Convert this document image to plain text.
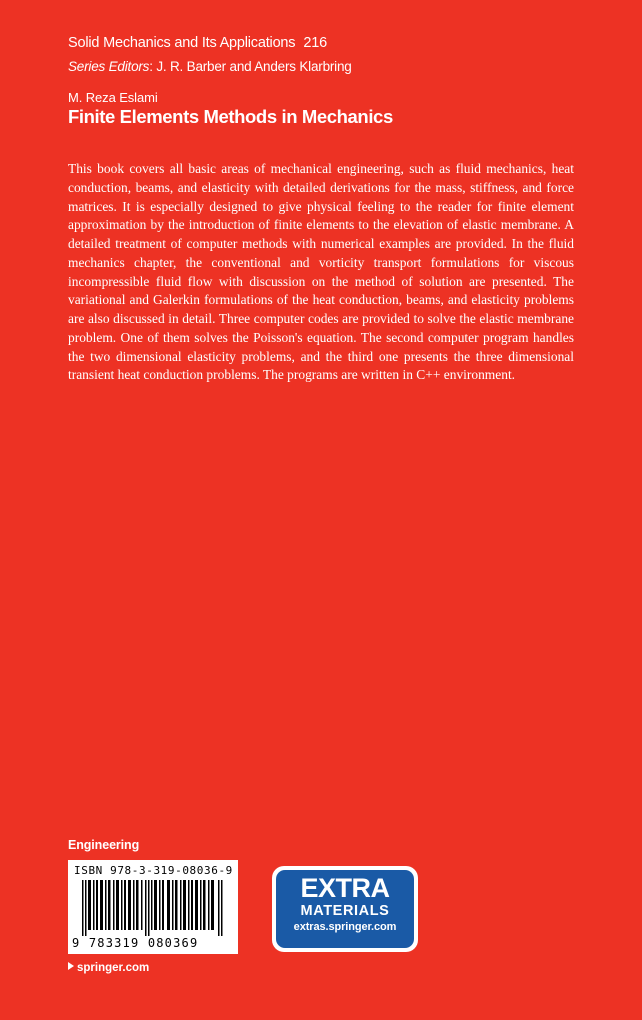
Solid Mechanics and Its Applications 216
Series Editors: J. R. Barber and Anders Klarbring
M. Reza Eslami
Finite Elements Methods in Mechanics

This book covers all basic areas of mechanical engineering, such as fluid mechanics, heat conduction, beams, and elasticity with detailed derivations for the mass, stiffness, and force matrices. It is especially designed to give physical feeling to the reader for finite element approximation by the introduction of finite elements to the elevation of elastic membrane. A detailed treatment of computer methods with numerical examples are provided. In the fluid mechanics chapter, the conventional and vorticity transport formulations for viscous incompressible fluid flow with discussion on the method of solution are presented. The variational and Galerkin formulations of the heat conduction, beams, and elasticity problems are also discussed in detail. Three computer codes are provided to solve the elastic membrane problem. One of them solves the Poisson's equation. The second computer program handles the two dimensional elasticity problems, and the third one presents the three dimensional transient heat conduction problems. The programs are written in C++ environment.

Engineering
ISBN 978-3-319-08036-9
9 783319 080369
EXTRA
MATERIALS
extras.springer.com
springer.com
